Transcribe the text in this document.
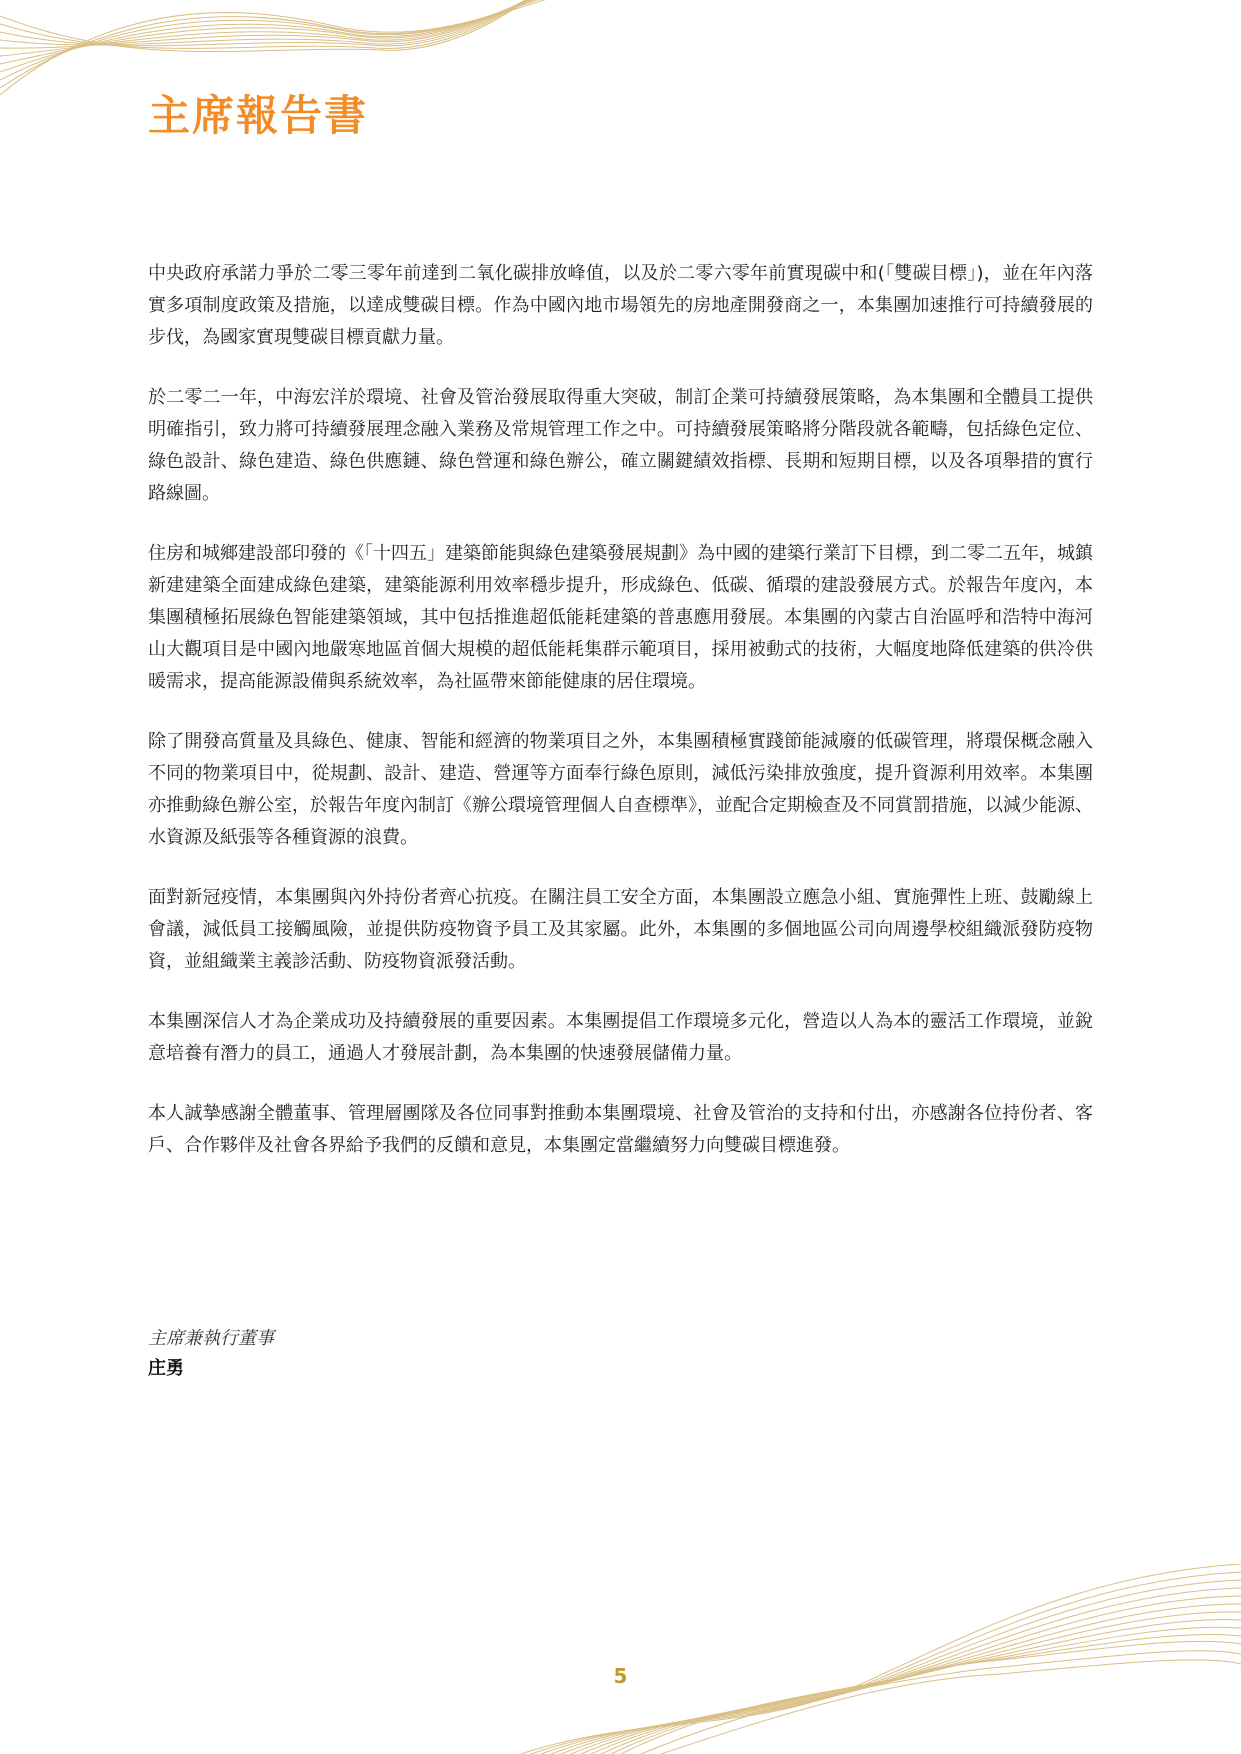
主席報告書

中央政府承諾力爭於二零三零年前達到二氧化碳排放峰值，以及於二零六零年前實現碳中和(「雙碳目標」)，並在年內落實多項制度政策及措施，以達成雙碳目標。作為中國內地市場領先的房地產開發商之一，本集團加速推行可持續發展的步伐，為國家實現雙碳目標貢獻力量。

於二零二一年，中海宏洋於環境、社會及管治發展取得重大突破，制訂企業可持續發展策略，為本集團和全體員工提供明確指引，致力將可持續發展理念融入業務及常規管理工作之中。可持續發展策略將分階段就各範疇，包括綠色定位、綠色設計、綠色建造、綠色供應鏈、綠色營運和綠色辦公，確立關鍵績效指標、長期和短期目標，以及各項舉措的實行路線圖。

住房和城鄉建設部印發的《「十四五」建築節能與綠色建築發展規劃》為中國的建築行業訂下目標，到二零二五年，城鎮新建建築全面建成綠色建築，建築能源利用效率穩步提升，形成綠色、低碳、循環的建設發展方式。於報告年度內，本集團積極拓展綠色智能建築領域，其中包括推進超低能耗建築的普惠應用發展。本集團的內蒙古自治區呼和浩特中海河山大觀項目是中國內地嚴寒地區首個大規模的超低能耗集群示範項目，採用被動式的技術，大幅度地降低建築的供冷供暖需求，提高能源設備與系統效率，為社區帶來節能健康的居住環境。

除了開發高質量及具綠色、健康、智能和經濟的物業項目之外，本集團積極實踐節能減廢的低碳管理，將環保概念融入不同的物業項目中，從規劃、設計、建造、營運等方面奉行綠色原則，減低污染排放強度，提升資源利用效率。本集團亦推動綠色辦公室，於報告年度內制訂《辦公環境管理個人自查標準》，並配合定期檢查及不同賞罰措施，以減少能源、水資源及紙張等各種資源的浪費。

面對新冠疫情，本集團與內外持份者齊心抗疫。在關注員工安全方面，本集團設立應急小組、實施彈性上班、鼓勵線上會議，減低員工接觸風險，並提供防疫物資予員工及其家屬。此外，本集團的多個地區公司向周邊學校組織派發防疫物資，並組織業主義診活動、防疫物資派發活動。

本集團深信人才為企業成功及持續發展的重要因素。本集團提倡工作環境多元化，營造以人為本的靈活工作環境，並銳意培養有潛力的員工，通過人才發展計劃，為本集團的快速發展儲備力量。

本人誠摯感謝全體董事、管理層團隊及各位同事對推動本集團環境、社會及管治的支持和付出，亦感謝各位持份者、客戶、合作夥伴及社會各界給予我們的反饋和意見，本集團定當繼續努力向雙碳目標進發。

主席兼執行董事
庄勇
5
